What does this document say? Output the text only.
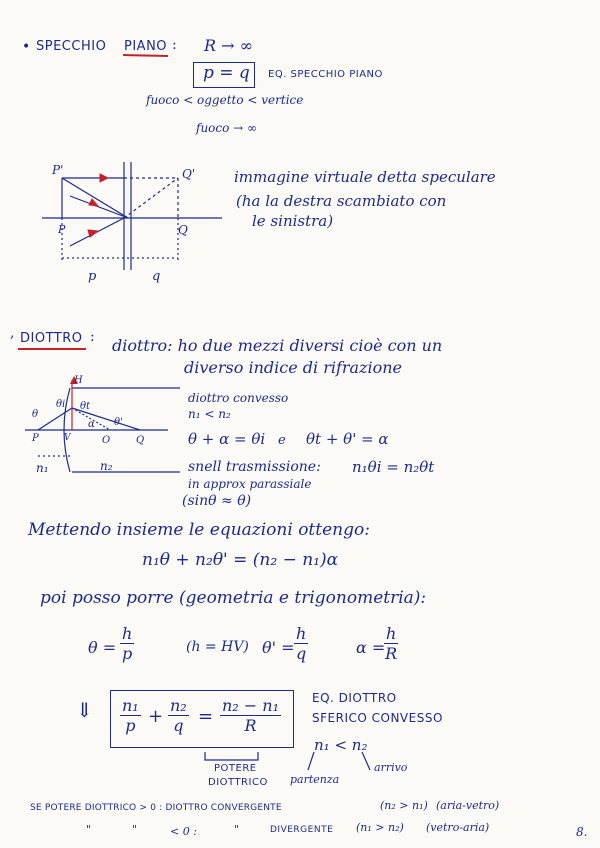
• SPECCHIO PIANO : R → ∞
p = q EQ. SPECCHIO PIANO
fuoco < oggetto < vertice
fuoco → ∞
P'	Q'
P	Q
p	q
immagine virtuale detta speculare
(ha la destra scambiato con
le sinistra)
, DIOTTRO : diottro: ho due mezzi diversi cioè con un
diverso indice di rifrazione
H
θ
θi θt
α θ'
P	V	O	Q
n₁	n₂
diottro convesso
n₁ < n₂
θ + α = θi e θt + θ' = α
snell trasmissione: n₁θi = n₂θt
in approx parassiale
(sinθ ≈ θ)
Mettendo insieme le equazioni ottengo:
n₁θ + n₂θ' = (n₂ − n₁)α
poi posso porre (geometria e trigonometria):
$\theta = \frac{h}{p}$	(h = HV) $\theta' = \frac{h}{q}$	α =
$\frac{h}{R}$
⇓ $\frac{\text{n₁}}{p} + \frac{\text{n₂}}{q} = \frac{\text{n₂ − n₁}}{R}$	EQ. DIOTTRO
SFERICO CONVESSO
n₁ < n₂
arrivo
partenza
POTERE
DIOTTRICO
SE POTERE DIOTTRICO > 0 : DIOTTRO CONVERGENTE	(n₂ > n₁) (aria-vetro)
"	"	< 0 :	"	DIVERGENTE (n₁ > n₂) (vetro-aria)	8.
